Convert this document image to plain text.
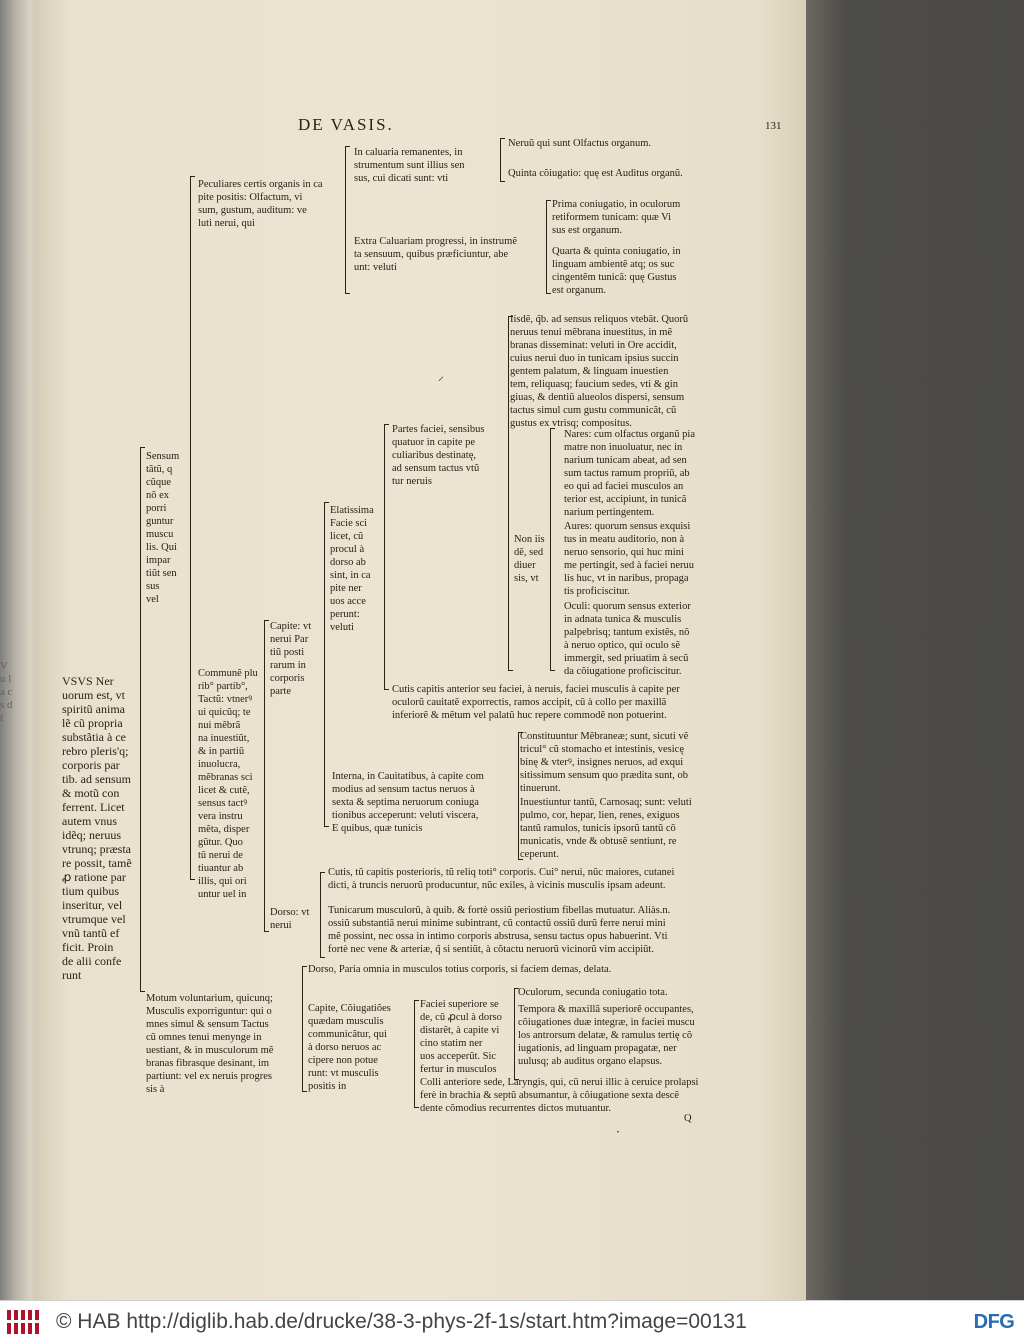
V u l a c s d t
DE VASIS.	131
VSVS Ner
uorum est, vt
spiritũ anima
lẽ cũ propria
substãtia à ce
rebro pleris'q;
corporis par
tib. ad sensum
& motũ con
ferrent. Licet
autem vnus
idẽq; neruus
vtrunq; præsta
re possit, tamẽ
ꝓ ratione par
tium quibus
inseritur, vel
vtrumque vel
vnũ tantũ ef
ficit. Proin
de alii confe
runt
Sensum
tãtũ, q
cũque
nõ ex
porri
guntur
muscu
lis. Qui
impar
tiũt sen
sus
vel
Peculiares certis organis in ca
pite positis: Olfactum, vi
sum, gustum, auditum: ve
luti nerui, qui
In caluaria remanentes, in
strumentum sunt illius sen
sus, cui dicati sunt: vti
Neruũ qui sunt Olfactus organum.
Quinta cõiugatio: quę est Auditus organũ.
Extra Caluariam progressi, in instrumẽ
ta sensuum, quibus præficiuntur, abe
unt: veluti
Prima coniugatio, in oculorum
retiformem tunicam: quæ Vi
sus est organum.
Quarta & quinta coniugatio, in
linguam ambientẽ atq; os suc
cingentẽm tunicã: quę Gustus
est organum.
Communẽ plu
rib° partib°,
Tactũ: vtnerꝰ
ui quicũq; te
nui mẽbrã
na inuestiũt,
& in partiũ
inuolucra,
mẽbranas sci
licet & cutẽ,
sensus tactꝰ
vera instru
mẽta, disper
gũtur. Quo
tũ nerui de
tiuantur ab
illis, qui ori
untur uel in
Capite: vt
nerui Par
tiũ posti
rarum in
corporis
parte
Elatissima
Facie sci
licet, cũ
procul à
dorso ab
sint, in ca
pite ner
uos acce
perunt:
veluti
Partes faciei, sensibus
quatuor in capite pe
culiaribus destinatę,
ad sensum tactus vtũ
tur neruis
Iisdẽ, q̃b. ad sensus reliquos vtebãt. Quorũ
neruus tenui mẽbrana inuestitus, in mẽ
branas disseminat: veluti in Ore accidit,
cuius nerui duo in tunicam ipsius succin
gentem palatum, & linguam inuestien
tem, reliquasq; faucium sedes, vti & gin
giuas, & dentiũ alueolos dispersi, sensum
tactus simul cum gustu communicãt, cũ
gustus ex vtrisq; compositus.
Non iis
dẽ, sed
diuer
sis, vt
Nares: cum olfactus organũ pia
matre non inuoluatur, nec in
narium tunicam abeat, ad sen
sum tactus ramum propriũ, ab
eo qui ad faciei musculos an
terior est, accipiunt, in tunicã
narium pertingentem.
Aures: quorum sensus exquisi
tus in meatu auditorio, non à
neruo sensorio, qui huc mini
me pertingit, sed à faciei neruu
lis huc, vt in naribus, propaga
tis proficiscitur.
Oculi: quorum sensus exterior
in adnata tunica & musculis
palpebrisq; tantum existẽs, nõ
à neruo optico, qui oculo sẽ
immergit, sed priuatim à secũ
da cõiugatione proficiscitur.
Cutis capitis anterior seu faciei, à neruis, faciei musculis à capite per
oculorũ cauitatẽ exporrectis, ramos accipit, cũ à collo per maxillã
inferiorẽ & mẽtum vel palatũ huc repere commodẽ non potuerint.
Interna, in Cauitatibus, à capite com
modius ad sensum tactus neruos à
sexta & septima neruorum coniuga
tionibus acceperunt: veluti viscera,
E quibus, quæ tunicis
Constituuntur Mẽbraneæ; sunt, sicuti vẽ
tricul° cũ stomacho et intestinis, vesicę
binę & vterꝰ, insignes neruos, ad exqui
sitissimum sensum quo prædita sunt, ob
tinuerunt.
Inuestiuntur tantũ, Carnosaq; sunt: veluti
pulmo, cor, hepar, lien, renes, exiguos
tantũ ramulos, tunicis ipsorũ tantũ cõ
municatis, vnde & obtusẽ sentiunt, re
ceperunt.
Dorso: vt
nerui
Cutis, tũ capitis posterioris, tũ reliq toti° corporis. Cui° nerui, nũc maiores, cutanei
dicti, à truncis neruorũ producuntur, nũc exiles, à vicinis musculis ipsam adeunt.
Tunicarum musculorũ, à quib. & fortè ossiũ periostium fibellas mutuatur. Aliàs.n.
ossiũ substantiã nerui minime subintrant, cũ contactũ ossiũ durũ ferre nerui mini
mẽ possint, nec ossa in intimo corporis abstrusa, sensu tactus opus habuerint. Vti
fortè nec vene & arteriæ, q̃ si sentiũt, à cõtactu neruorũ vicinorũ vim accipiũt.
Motum voluntarium, quicunq;
Musculis exporriguntur: qui o
mnes simul & sensum Tactus
cũ omnes tenui menynge in
uestiant, & in musculorum mẽ
branas fibrasque desinant, im
partiunt: vel ex neruis progres
sis à
Dorso, Paria omnia in musculos totius corporis, si faciem demas, delata.
Capite, Cõiugatiões
quædam musculis
communicãtur, qui
à dorso neruos ac
cipere non potue
runt: vt musculis
positis in
Faciei superiore se
de, cũ ꝓcul à dorso
distarẽt, à capite vi
cino statim ner
uos acceperũt. Sic
fertur in musculos
Oculorum, secunda coniugatio tota.
Tempora & maxillã superiorẽ occupantes,
cõiugationes duæ integræ, in faciei muscu
los antrorsum delatæ, & ramulus tertię cõ
iugationis, ad linguam propagatæ, ner
uulusq; ab auditus organo elapsus.
Colli anteriore sede, Laryngis, qui, cũ nerui illic à ceruice prolapsi
ferè in brachia & septũ absumantur, à cõiugatione sexta descẽ
dente cõmodius recurrentes dictos mutuantur.
Q
⸝
·
© HAB http://diglib.hab.de/drucke/38-3-phys-2f-1s/start.htm?image=00131	DFG
